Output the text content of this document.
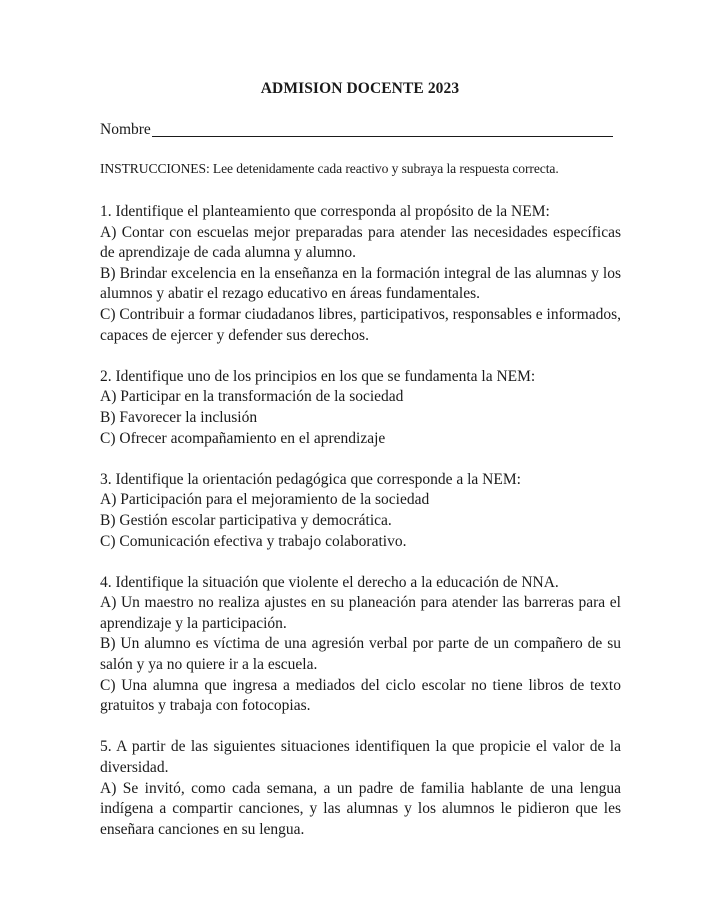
ADMISION DOCENTE 2023
Nombre
INSTRUCCIONES: Lee detenidamente cada reactivo y subraya la respuesta correcta.
1. Identifique el planteamiento que corresponda al propósito de la NEM:

A) Contar con escuelas mejor preparadas para atender las necesidades específicas de aprendizaje de cada alumna y alumno.

B) Brindar excelencia en la enseñanza en la formación integral de las alumnas y los alumnos y abatir el rezago educativo en áreas fundamentales.

C) Contribuir a formar ciudadanos libres, participativos, responsables e informados, capaces de ejercer y defender sus derechos.

2. Identifique uno de los principios en los que se fundamenta la NEM:

A) Participar en la transformación de la sociedad

B) Favorecer la inclusión

C) Ofrecer acompañamiento en el aprendizaje

3. Identifique la orientación pedagógica que corresponde a la NEM:

A) Participación para el mejoramiento de la sociedad

B) Gestión escolar participativa y democrática.

C) Comunicación efectiva y trabajo colaborativo.

4. Identifique la situación que violente el derecho a la educación de NNA.

A) Un maestro no realiza ajustes en su planeación para atender las barreras para el aprendizaje y la participación.

B) Un alumno es víctima de una agresión verbal por parte de un compañero de su salón y ya no quiere ir a la escuela.

C) Una alumna que ingresa a mediados del ciclo escolar no tiene libros de texto gratuitos y trabaja con fotocopias.

5. A partir de las siguientes situaciones identifiquen la que propicie el valor de la diversidad.

A) Se invitó, como cada semana, a un padre de familia hablante de una lengua indígena a compartir canciones, y las alumnas y los alumnos le pidieron que les enseñara canciones en su lengua.
